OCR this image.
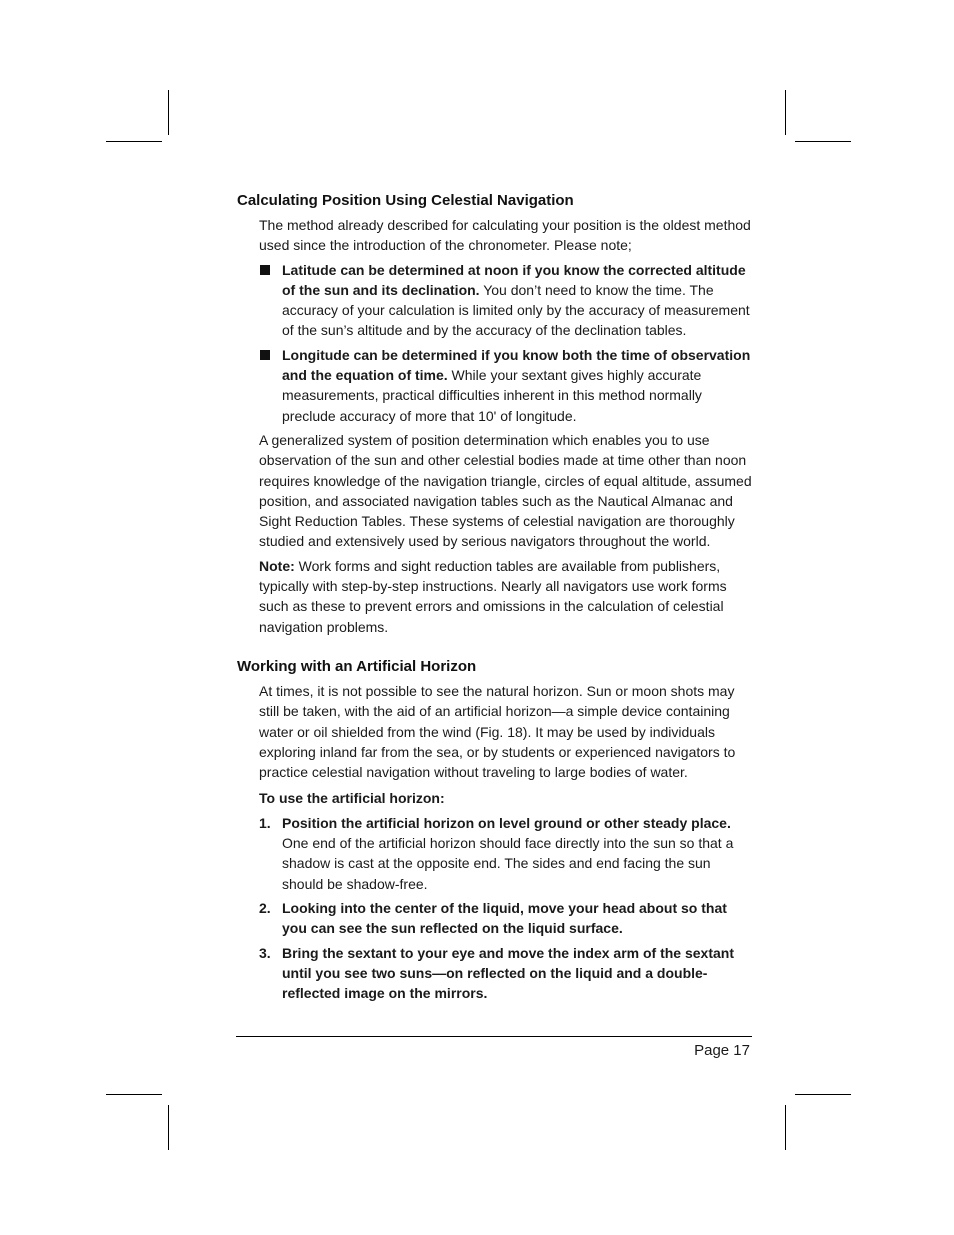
Calculating Position Using Celestial Navigation

The method already described for calculating your position is the oldest method used since the introduction of the chronometer. Please note;

Latitude can be determined at noon if you know the corrected altitude of the sun and its declination. You don’t need to know the time. The accuracy of your calculation is limited only by the accuracy of measurement of the sun’s altitude and by the accuracy of the declination tables.
Longitude can be determined if you know both the time of observation and the equation of time. While your sextant gives highly accurate measurements, practical difficulties inherent in this method normally preclude accuracy of more that 10' of longitude.

A generalized system of position determination which enables you to use observation of the sun and other celestial bodies made at time other than noon requires knowledge of the navigation triangle, circles of equal altitude, assumed position, and associated navigation tables such as the Nautical Almanac and Sight Reduction Tables. These systems of celestial navigation are thoroughly studied and extensively used by serious navigators throughout the world.

Note: Work forms and sight reduction tables are available from publishers, typically with step-by-step instructions. Nearly all navigators use work forms such as these to prevent errors and omissions in the calculation of celestial navigation problems.

Working with an Artificial Horizon

At times, it is not possible to see the natural horizon. Sun or moon shots may still be taken, with the aid of an artificial horizon—a simple device containing water or oil shielded from the wind (Fig. 18). It may be used by individuals exploring inland far from the sea, or by students or experienced navigators to practice celestial navigation without traveling to large bodies of water.

To use the artificial horizon:
1. Position the artificial horizon on level ground or other steady place. One end of the artificial horizon should face directly into the sun so that a shadow is cast at the opposite end. The sides and end facing the sun should be shadow-free.
2. Looking into the center of the liquid, move your head about so that you can see the sun reflected on the liquid surface.
3. Bring the sextant to your eye and move the index arm of the sextant until you see two suns—on reflected on the liquid and a double-reflected image on the mirrors.
Page 17
